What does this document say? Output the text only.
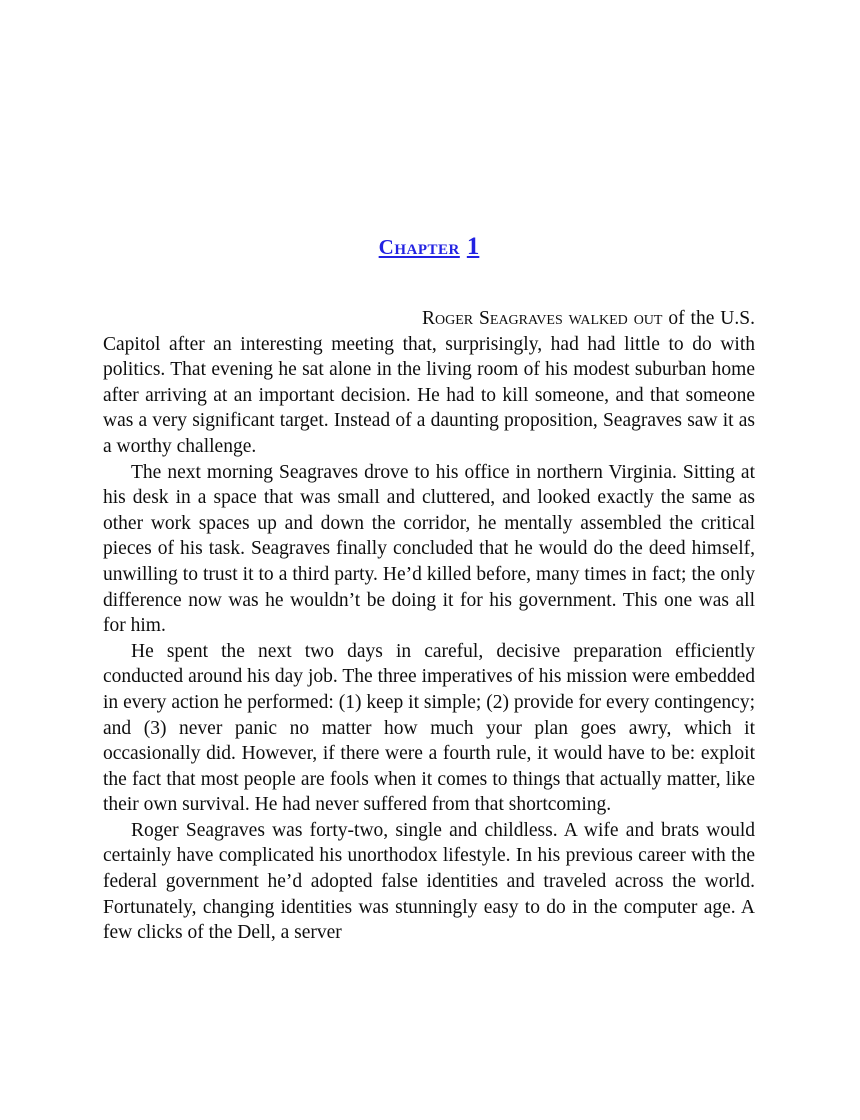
Chapter 1

Roger Seagraves walked out of the U.S. Capitol after an interesting meeting that, surprisingly, had had little to do with politics. That evening he sat alone in the living room of his modest suburban home after arriving at an important decision. He had to kill someone, and that someone was a very significant target. Instead of a daunting proposition, Seagraves saw it as a worthy challenge.

The next morning Seagraves drove to his office in northern Virginia. Sitting at his desk in a space that was small and cluttered, and looked exactly the same as other work spaces up and down the corridor, he mentally assembled the critical pieces of his task. Seagraves finally concluded that he would do the deed himself, unwilling to trust it to a third party. He’d killed before, many times in fact; the only difference now was he wouldn’t be doing it for his government. This one was all for him.

He spent the next two days in careful, decisive preparation efficiently conducted around his day job. The three imperatives of his mission were embedded in every action he performed: (1) keep it simple; (2) provide for every contingency; and (3) never panic no matter how much your plan goes awry, which it occasionally did. However, if there were a fourth rule, it would have to be: exploit the fact that most people are fools when it comes to things that actually matter, like their own survival. He had never suffered from that shortcoming.

Roger Seagraves was forty-two, single and childless. A wife and brats would certainly have complicated his unorthodox lifestyle. In his previous career with the federal government he’d adopted false identities and traveled across the world. Fortunately, changing identities was stunningly easy to do in the computer age. A few clicks of the Dell, a server
